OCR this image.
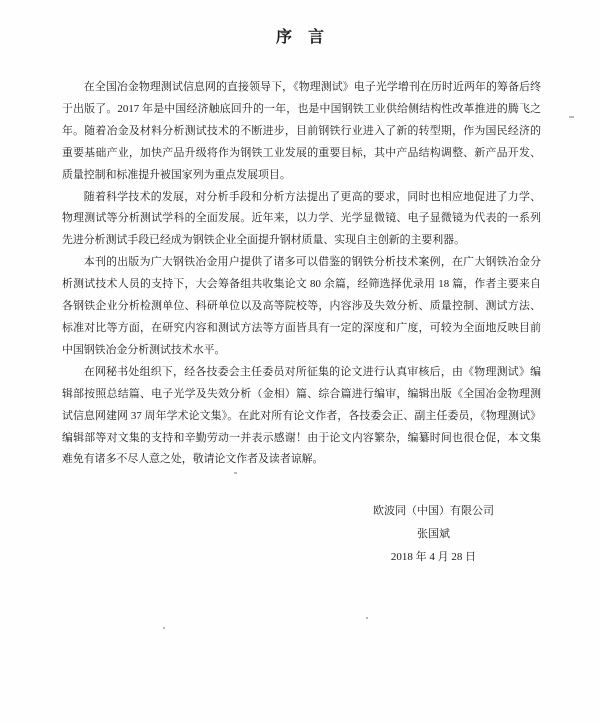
序　言

在全国冶金物理测试信息网的直接领导下，《物理测试》电子光学增刊在历时近两年的筹备后终于出版了。2017 年是中国经济触底回升的一年，也是中国钢铁工业供给侧结构性改革推进的腾飞之年。随着冶金及材料分析测试技术的不断进步，目前钢铁行业进入了新的转型期，作为国民经济的重要基础产业，加快产品升级将作为钢铁工业发展的重要目标，其中产品结构调整、新产品开发、质量控制和标准提升被国家列为重点发展项目。

随着科学技术的发展，对分析手段和分析方法提出了更高的要求，同时也相应地促进了力学、物理测试等分析测试学科的全面发展。近年来，以力学、光学显微镜、电子显微镜为代表的一系列先进分析测试手段已经成为钢铁企业全面提升钢材质量、实现自主创新的主要利器。

本刊的出版为广大钢铁冶金用户提供了诸多可以借鉴的钢铁分析技术案例，在广大钢铁冶金分析测试技术人员的支持下，大会筹备组共收集论文 80 余篇，经筛选择优录用 18 篇，作者主要来自各钢铁企业分析检测单位、科研单位以及高等院校等，内容涉及失效分析、质量控制、测试方法、标准对比等方面，在研究内容和测试方法等方面皆具有一定的深度和广度，可较为全面地反映目前中国钢铁冶金分析测试技术水平。

在网秘书处组织下，经各技委会主任委员对所征集的论文进行认真审核后，由《物理测试》编辑部按照总结篇、电子光学及失效分析（金相）篇、综合篇进行编审，编辑出版《全国冶金物理测试信息网建网 37 周年学术论文集》。在此对所有论文作者，各技委会正、副主任委员，《物理测试》编辑部等对文集的支持和辛勤劳动一并表示感谢！由于论文内容繁杂，编纂时间也很仓促，本文集难免有诸多不尽人意之处，敬请论文作者及读者谅解。

欧波同（中国）有限公司
张国斌
2018 年 4 月 28 日
